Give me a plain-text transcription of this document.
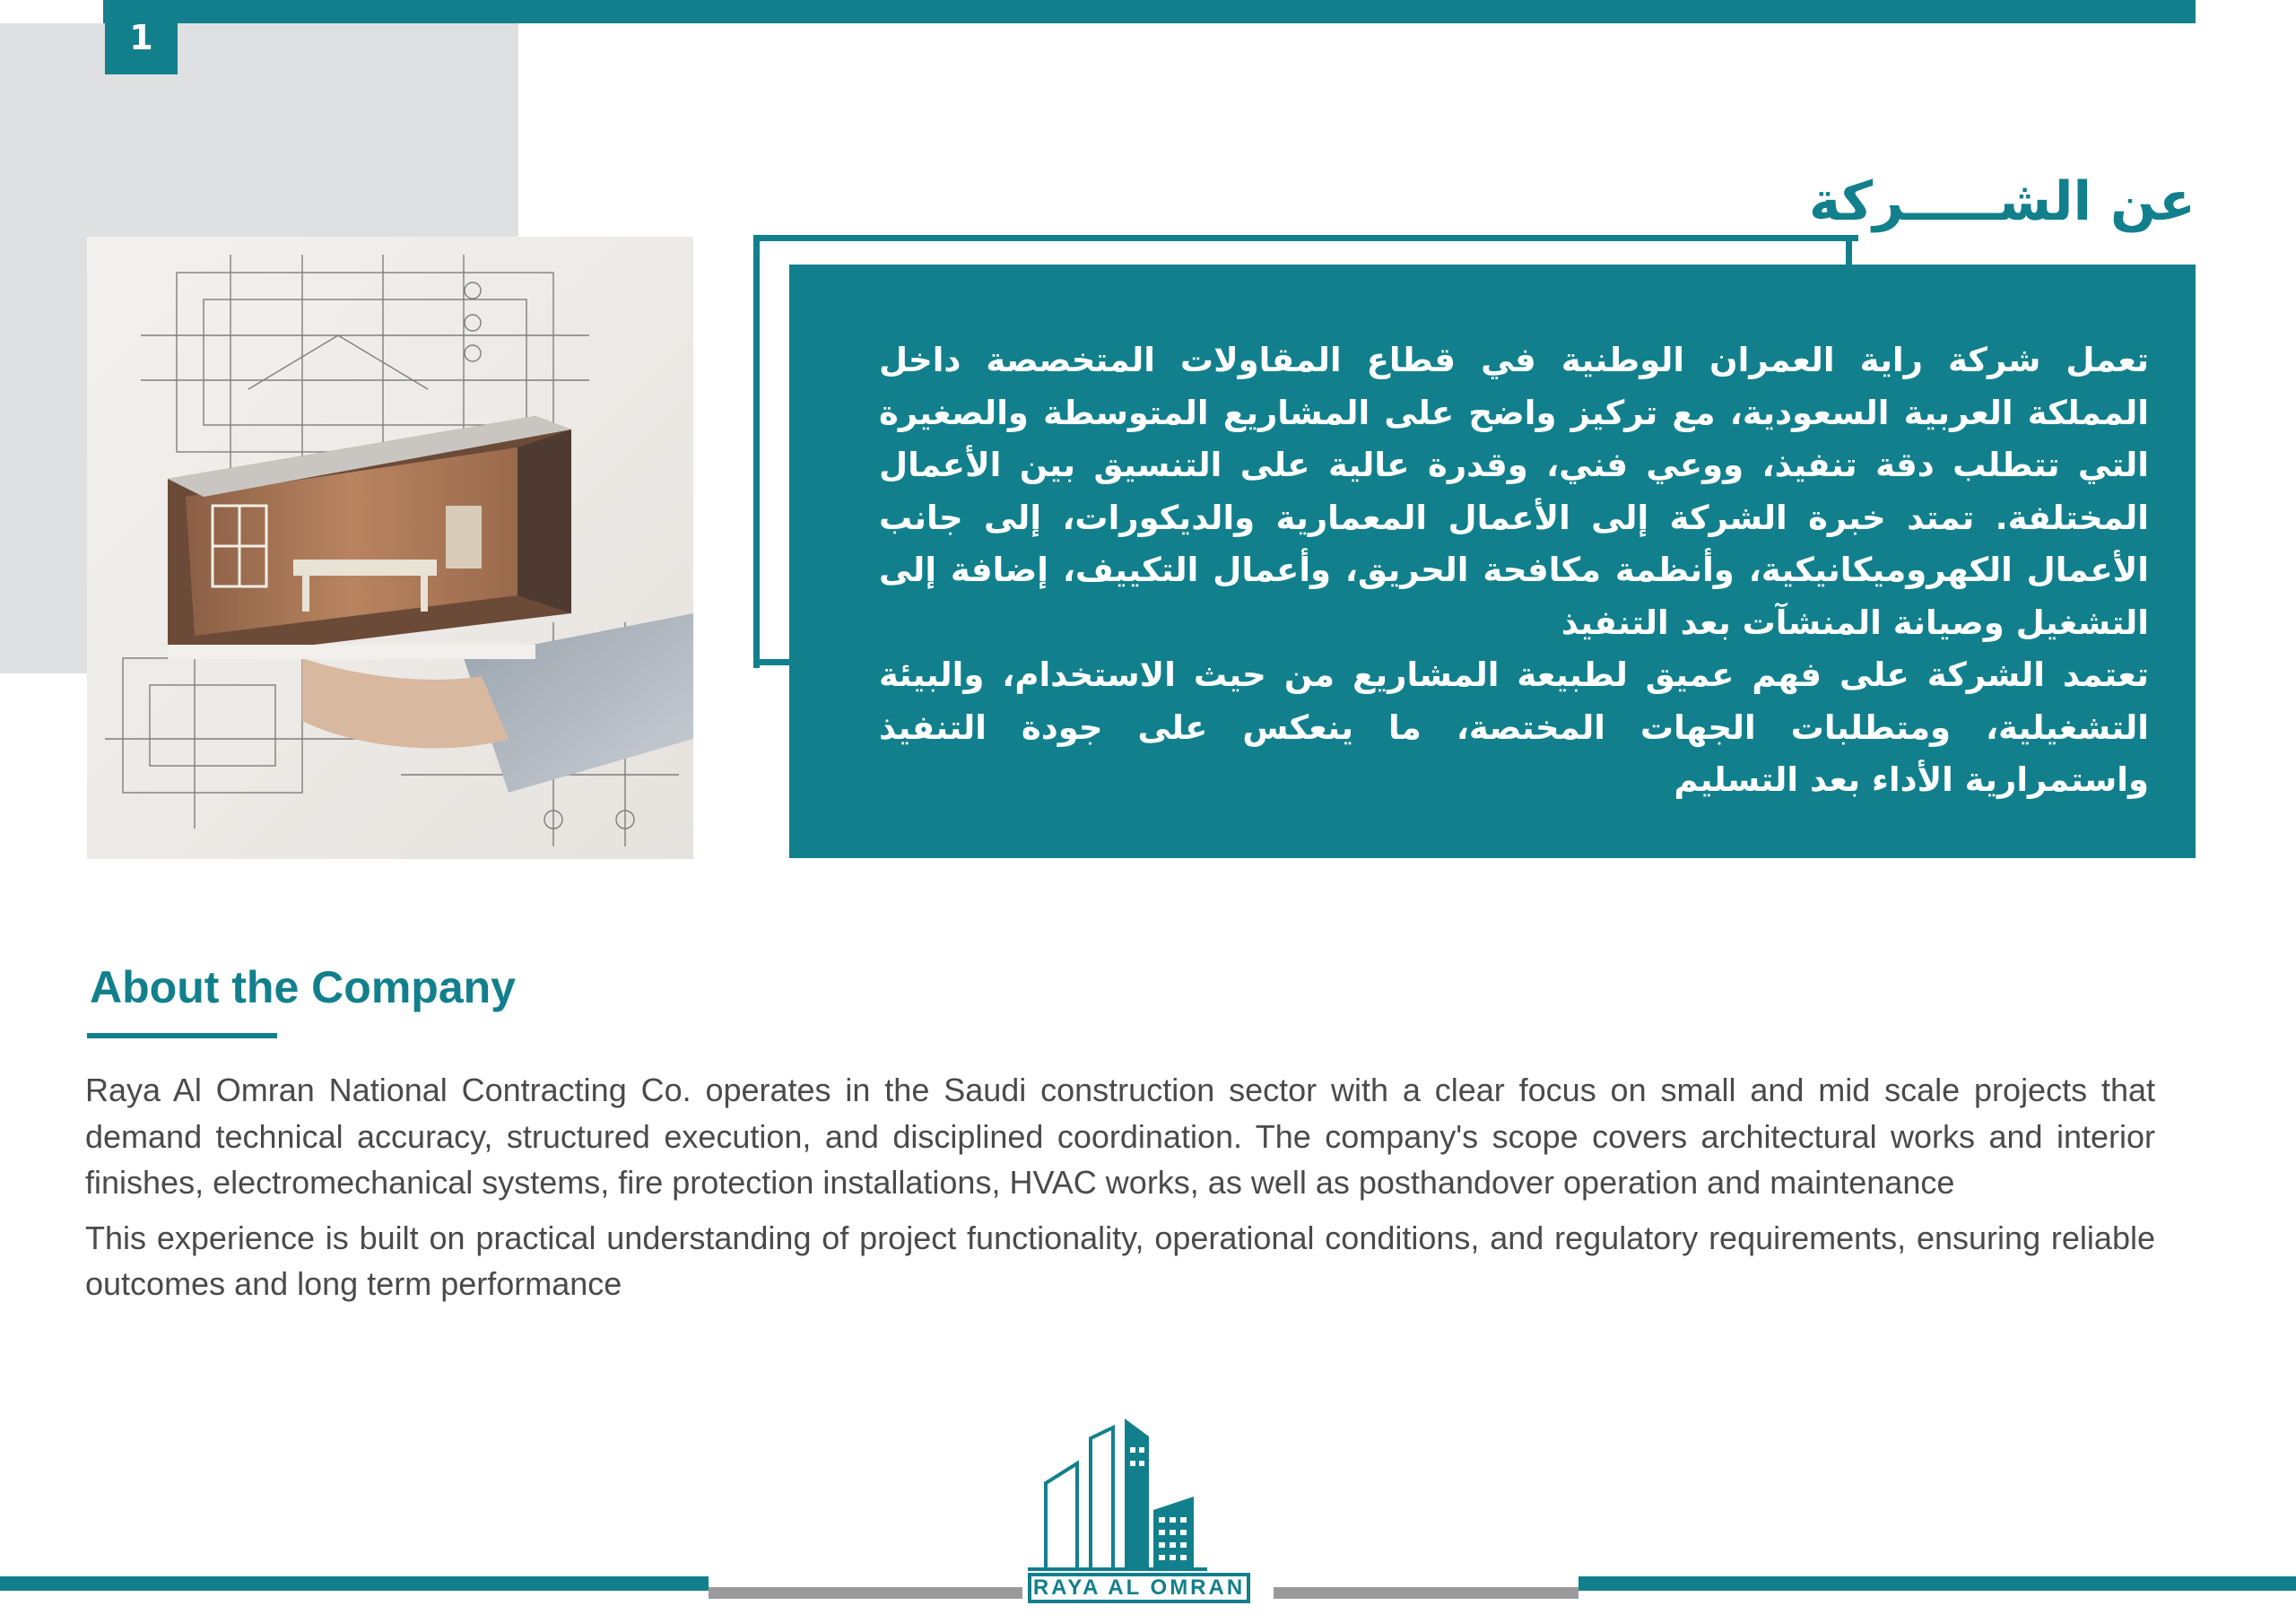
1
عن الشـــــركة

تعمل شركة راية العمران الوطنية في قطاع المقاولات المتخصصة داخل المملكة العربية السعودية، مع تركيز واضح على المشاريع المتوسطة والصغيرة التي تتطلب دقة تنفيذ، ووعي فني، وقدرة عالية على التنسيق بين الأعمال المختلفة. تمتد خبرة الشركة إلى الأعمال المعمارية والديكورات، إلى جانب الأعمال الكهروميكانيكية، وأنظمة مكافحة الحريق، وأعمال التكييف، إضافة إلى التشغيل وصيانة المنشآت بعد التنفيذ

تعتمد الشركة على فهم عميق لطبيعة المشاريع من حيث الاستخدام، والبيئة التشغيلية، ومتطلبات الجهات المختصة، ما ينعكس على جودة التنفيذ واستمرارية الأداء بعد التسليم

About the Company

Raya Al Omran National Contracting Co. operates in the Saudi construction sector with a clear focus on small and mid scale projects that demand technical accuracy, structured execution, and disciplined coordination. The company's scope covers architectural works and interior finishes, electromechanical systems, fire protection installations, HVAC works, as well as posthandover operation and maintenance

This experience is built on practical understanding of project functionality, operational conditions, and regulatory requirements, ensuring reliable outcomes and long term performance

RAYA AL OMRAN
